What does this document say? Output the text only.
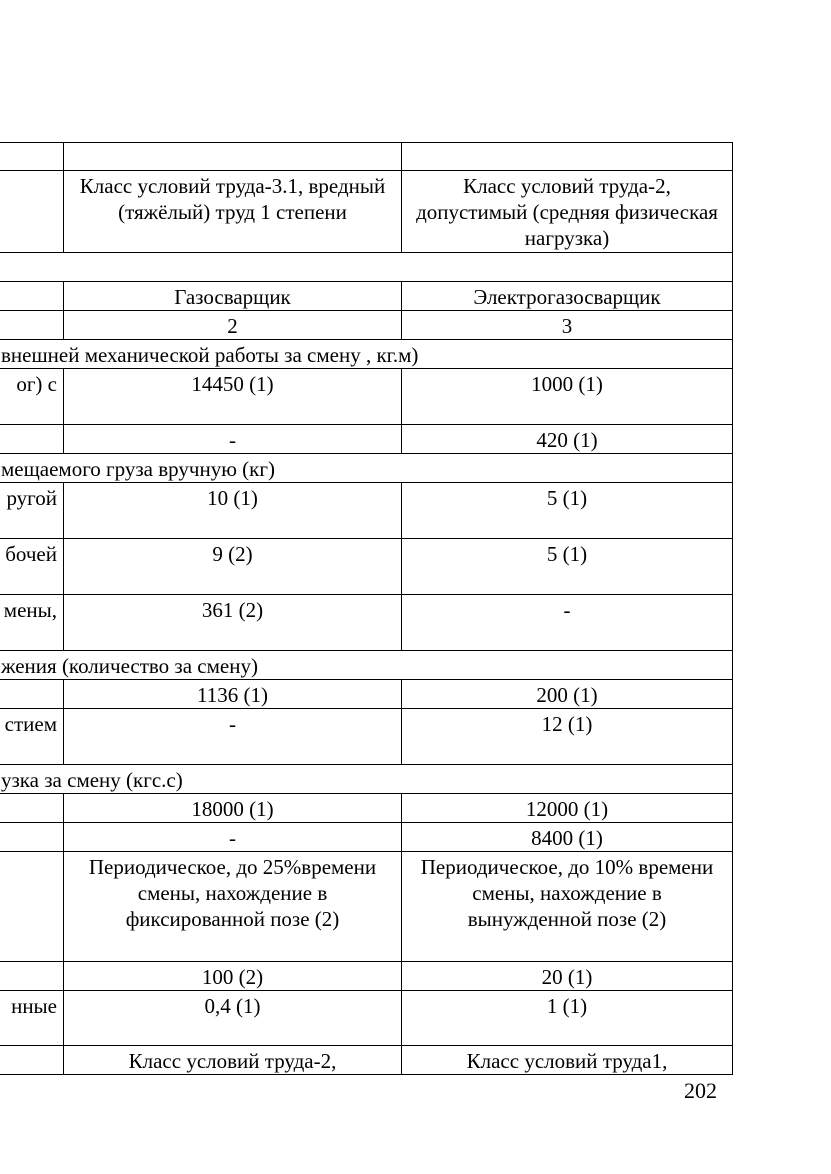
	Класс условий труда-3.1, вредный (тяжёлый) труд 1 степени	Класс условий труда-2, допустимый (средняя физическая нагрузка)

	Газосварщик	Электрогазосварщик
	2	3
внешней механической работы за смену , кг.м)		
ог) с	14450 (1)	1000 (1)
	-	420 (1)
мещаемого груза вручную (кг)		
ругой	10 (1)	5 (1)
бочей	9 (2)	5 (1)
мены,	361 (2)	-
жения (количество за смену)		
	1136 (1)	200 (1)
стием	-	12 (1)
узка за смену (кгс.с)		
	18000 (1)	12000 (1)
	-	8400 (1)
	Периодическое, до 25%времени смены, нахождение в фиксированной позе (2)	Периодическое, до 10% времени смены, нахождение в вынужденной позе (2)
	100 (2)	20 (1)
нные	0,4 (1)	1 (1)
	Класс условий труда-2,	Класс условий труда1,
202
